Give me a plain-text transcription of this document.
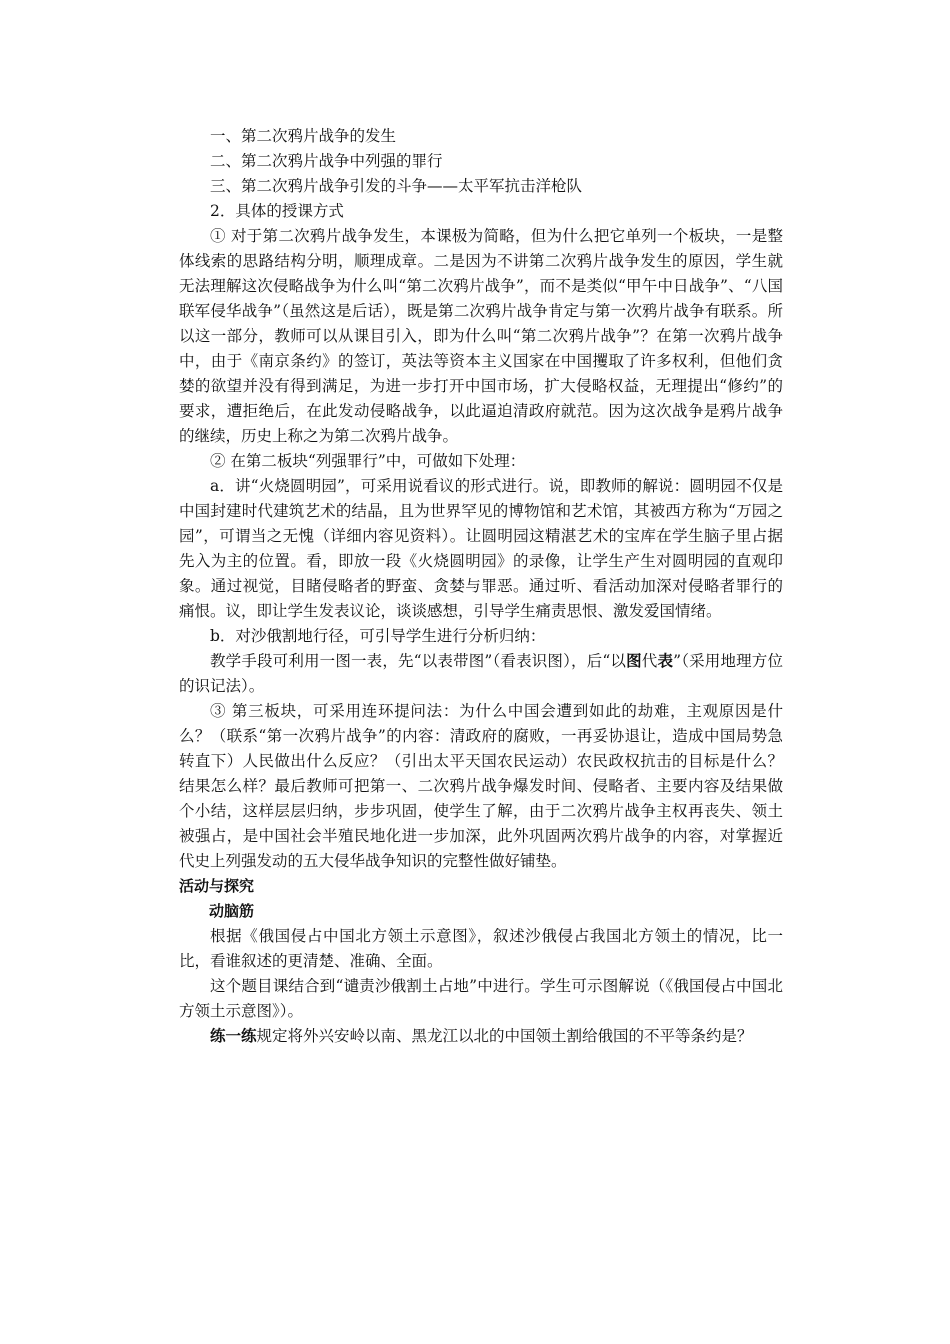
一、第二次鸦片战争的发生
二、第二次鸦片战争中列强的罪行
三、第二次鸦片战争引发的斗争——太平军抗击洋枪队
2．具体的授课方式

① 对于第二次鸦片战争发生，本课极为简略，但为什么把它单列一个板块，一是整体线索的思路结构分明，顺理成章。二是因为不讲第二次鸦片战争发生的原因，学生就无法理解这次侵略战争为什么叫“第二次鸦片战争”，而不是类似“甲午中日战争”、“八国联军侵华战争”（虽然这是后话），既是第二次鸦片战争肯定与第一次鸦片战争有联系。所以这一部分，教师可以从课目引入，即为什么叫“第二次鸦片战争”？在第一次鸦片战争中，由于《南京条约》的签订，英法等资本主义国家在中国攫取了许多权利，但他们贪婪的欲望并没有得到满足，为进一步打开中国市场，扩大侵略权益，无理提出“修约”的要求，遭拒绝后，在此发动侵略战争，以此逼迫清政府就范。因为这次战争是鸦片战争的继续，历史上称之为第二次鸦片战争。

② 在第二板块“列强罪行”中，可做如下处理：

a．讲“火烧圆明园”，可采用说看议的形式进行。说，即教师的解说：圆明园不仅是中国封建时代建筑艺术的结晶，且为世界罕见的博物馆和艺术馆，其被西方称为“万园之园”，可谓当之无愧（详细内容见资料）。让圆明园这精湛艺术的宝库在学生脑子里占据先入为主的位置。看，即放一段《火烧圆明园》的录像，让学生产生对圆明园的直观印象。通过视觉，目睹侵略者的野蛮、贪婪与罪恶。通过听、看活动加深对侵略者罪行的痛恨。议，即让学生发表议论，谈谈感想，引导学生痛责思恨、激发爱国情绪。

b．对沙俄割地行径，可引导学生进行分析归纳：

教学手段可利用一图一表，先“以表带图”（看表识图），后“以图代表”（采用地理方位的识记法）。

③ 第三板块，可采用连环提问法：为什么中国会遭到如此的劫难，主观原因是什么？（联系“第一次鸦片战争”的内容：清政府的腐败，一再妥协退让，造成中国局势急转直下）人民做出什么反应？（引出太平天国农民运动）农民政权抗击的目标是什么？结果怎么样？最后教师可把第一、二次鸦片战争爆发时间、侵略者、主要内容及结果做个小结，这样层层归纳，步步巩固，使学生了解，由于二次鸦片战争主权再丧失、领土被强占，是中国社会半殖民地化进一步加深，此外巩固两次鸦片战争的内容，对掌握近代史上列强发动的五大侵华战争知识的完整性做好铺垫。

活动与探究
动脑筋

根据《俄国侵占中国北方领土示意图》，叙述沙俄侵占我国北方领土的情况，比一比，看谁叙述的更清楚、准确、全面。

这个题目课结合到“谴责沙俄割土占地”中进行。学生可示图解说（《俄国侵占中国北方领土示意图》）。

练一练规定将外兴安岭以南、黑龙江以北的中国领土割给俄国的不平等条约是？
